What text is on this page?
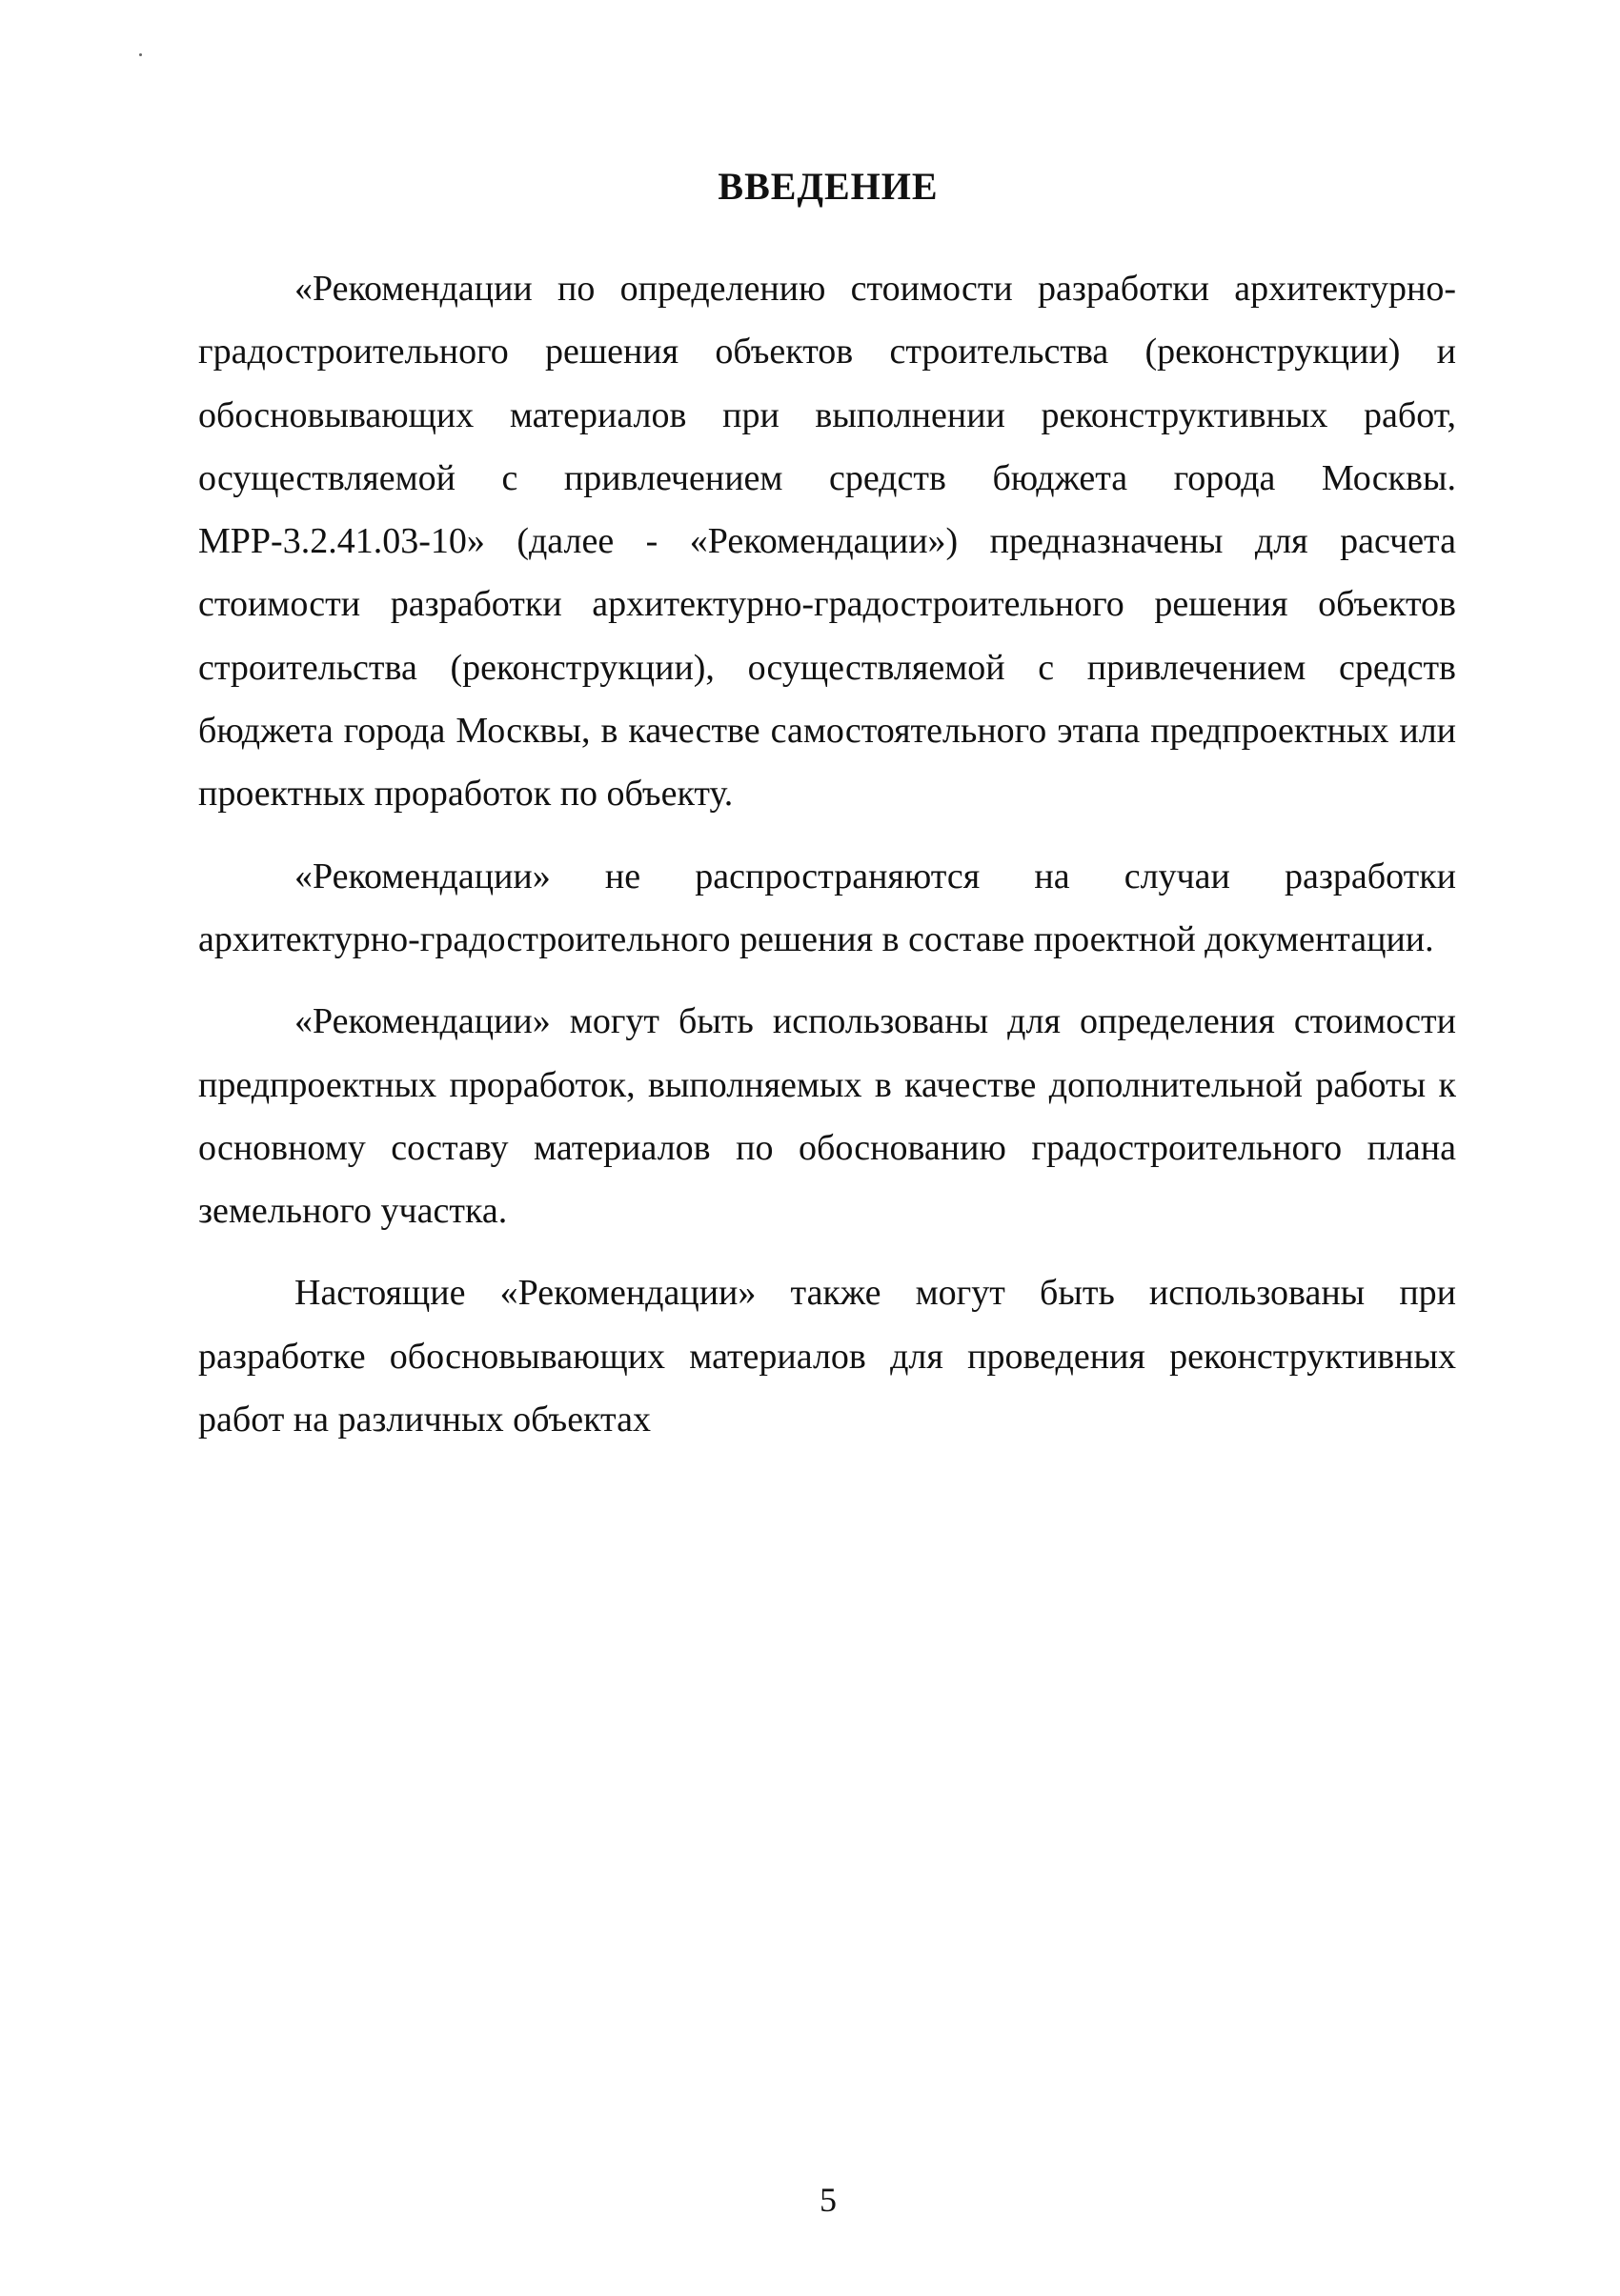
ВВЕДЕНИЕ

«Рекомендации по определению стоимости разработки архитектурно-градостроительного решения объектов строительства (реконструкции) и обосновывающих материалов при выполнении реконструктивных работ, осуществляемой с привлечением средств бюджета города Москвы. МРР-3.2.41.03-10» (далее - «Рекомендации») предназначены для расчета стоимости разработки архитектурно-градостроительного решения объектов строительства (реконструкции), осуществляемой с привлечением средств бюджета города Москвы, в качестве самостоятельного этапа предпроектных или проектных проработок по объекту.

«Рекомендации» не распространяются на случаи разработки архитектурно-градостроительного решения в составе проектной документации.

«Рекомендации» могут быть использованы для определения стоимости предпроектных проработок, выполняемых в качестве дополнительной работы к основному составу материалов по обоснованию градостроительного плана земельного участка.

Настоящие «Рекомендации» также могут быть использованы при разработке обосновывающих материалов для проведения реконструктивных работ на различных объектах

5
